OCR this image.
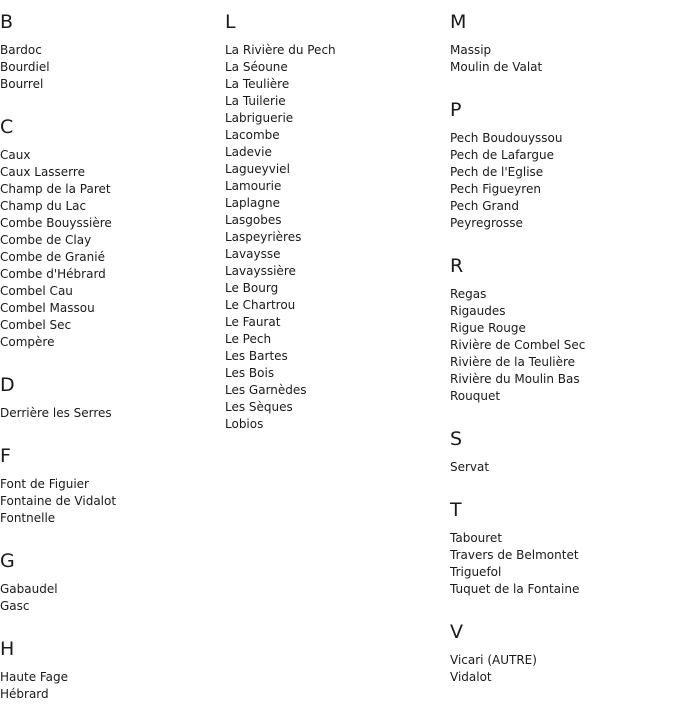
B
Bardoc
Bourdiel
Bourrel
C
Caux
Caux Lasserre
Champ de la Paret
Champ du Lac
Combe Bouyssière
Combe de Clay
Combe de Granié
Combe d'Hébrard
Combel Cau
Combel Massou
Combel Sec
Compère
D
Derrière les Serres
F
Font de Figuier
Fontaine de Vidalot
Fontnelle
G
Gabaudel
Gasc
H
Haute Fage
Hébrard
L
La Rivière du Pech
La Séoune
La Teulière
La Tuilerie
Labriguerie
Lacombe
Ladevie
Lagueyviel
Lamourie
Laplagne
Lasgobes
Laspeyrières
Lavaysse
Lavayssière
Le Bourg
Le Chartrou
Le Faurat
Le Pech
Les Bartes
Les Bois
Les Garnèdes
Les Sèques
Lobios
M
Massip
Moulin de Valat
P
Pech Boudouyssou
Pech de Lafargue
Pech de l'Eglise
Pech Figueyren
Pech Grand
Peyregrosse
R
Regas
Rigaudes
Rigue Rouge
Rivière de Combel Sec
Rivière de la Teulière
Rivière du Moulin Bas
Rouquet
S
Servat
T
Tabouret
Travers de Belmontet
Triguefol
Tuquet de la Fontaine
V
Vicari (AUTRE)
Vidalot
